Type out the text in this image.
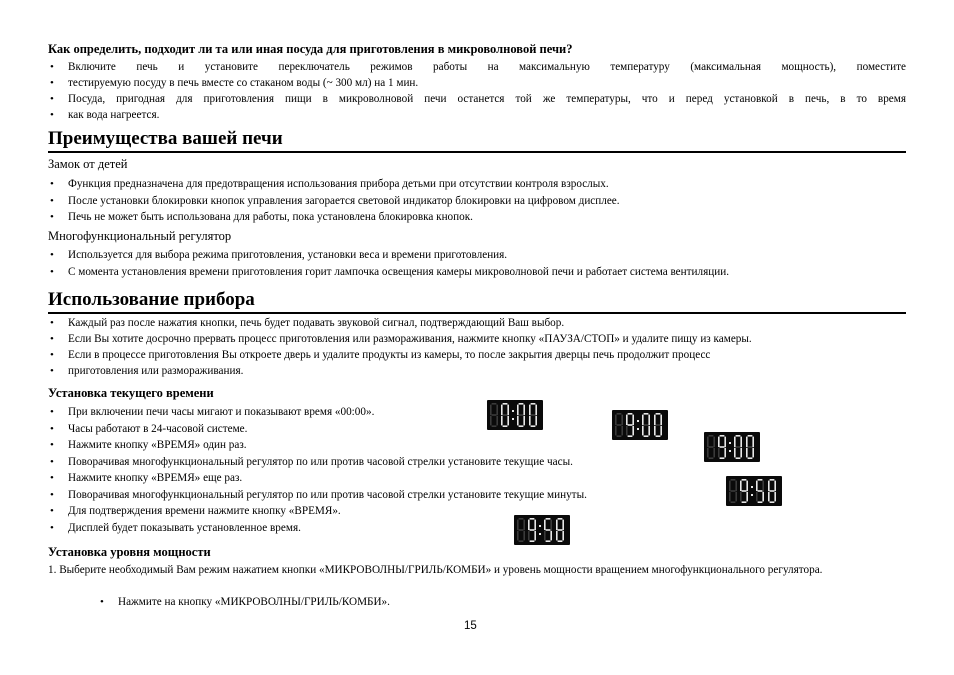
Как определить, подходит ли та или иная посуда для приготовления в микроволновой печи?
• Включите печь и установите переключатель режимов работы на максимальную температуру (максимальная мощность), поместите
• тестируемую посуду в печь вместе со стаканом воды (~ 300 мл) на 1 мин.
• Посуда, пригодная для приготовления пищи в микроволновой печи останется той же температуры, что и перед установкой в печь, в то время
• как вода нагреется.
Преимущества вашей печи
Замок от детей
• Функция предназначена для предотвращения использования прибора детьми при отсутствии контроля взрослых.
• После установки блокировки кнопок управления загорается световой индикатор блокировки на цифровом дисплее.
• Печь не может быть использована для работы, пока установлена блокировка кнопок.
Многофункциональный регулятор
• Используется для выбора режима приготовления, установки веса и времени приготовления.
• С момента установления времени приготовления горит лампочка освещения камеры микроволновой печи и работает система вентиляции.
Использование прибора
• Каждый раз после нажатия кнопки, печь будет подавать звуковой сигнал, подтверждающий Ваш выбор.
• Если Вы хотите досрочно прервать процесс приготовления или размораживания, нажмите кнопку «ПАУЗА/СТОП» и удалите пищу из камеры.
• Если в процессе приготовления Вы откроете дверь и удалите продукты из камеры, то после закрытия дверцы печь продолжит процесс
• приготовления или размораживания.
Установка текущего времени
• При включении печи часы мигают и показывают время «00:00».
• Часы работают в 24-часовой системе.
• Нажмите кнопку «ВРЕМЯ» один раз.
• Поворачивая многофункциональный регулятор по или против часовой стрелки установите текущие часы.
• Нажмите кнопку «ВРЕМЯ» еще раз.
• Поворачивая многофункциональный регулятор по или против часовой стрелки установите текущие минуты.
• Для подтверждения времени нажмите кнопку «ВРЕМЯ».
• Дисплей будет показывать установленное время.
Установка уровня мощности
1. Выберите необходимый Вам режим нажатием кнопки «МИКРОВОЛНЫ/ГРИЛЬ/КОМБИ» и уровень мощности вращением многофункционального регулятора.
• Нажмите на кнопку «МИКРОВОЛНЫ/ГРИЛЬ/КОМБИ».
15
